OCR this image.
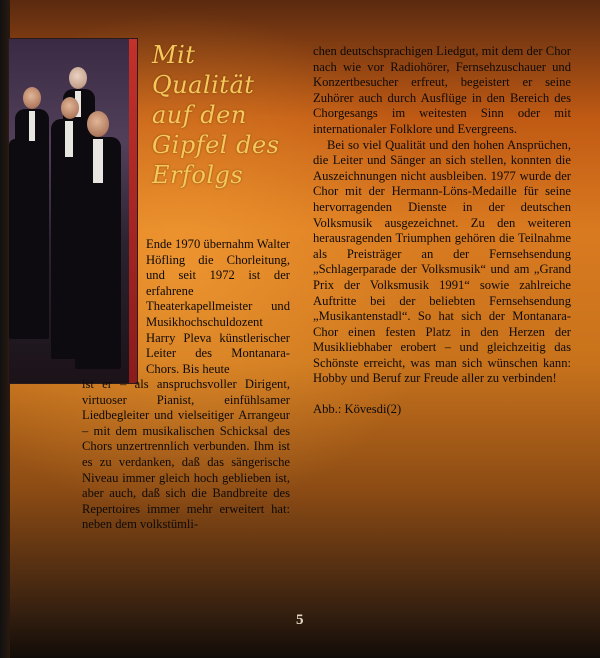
Mit
Qualität
auf den
Gipfel des
Erfolgs

Ende 1970 übernahm Walter Höfling die Chorleitung, und seit 1972 ist der erfahrene Theaterkapellmeister und Musikhochschuldozent Harry Pleva künstlerischer Leiter des Montanara-Chors. Bis heute

ist er – als anspruchsvoller Dirigent, virtuoser Pianist, einfühlsamer Liedbegleiter und vielseitiger Arrangeur – mit dem musikalischen Schicksal des Chors unzertrennlich verbunden. Ihm ist es zu verdanken, daß das sängerische Niveau immer gleich hoch geblieben ist, aber auch, daß sich die Bandbreite des Repertoires immer mehr erweitert hat: neben dem volkstümli-

chen deutschsprachigen Liedgut, mit dem der Chor nach wie vor Radiohörer, Fernsehzuschauer und Konzertbesucher erfreut, begeistert er seine Zuhörer auch durch Ausflüge in den Bereich des Chorgesangs im weitesten Sinn oder mit internationaler Folklore und Evergreens.

Bei so viel Qualität und den hohen Ansprüchen, die Leiter und Sänger an sich stellen, konnten die Auszeichnungen nicht ausbleiben. 1977 wurde der Chor mit der Hermann-Löns-Medaille für seine hervorragenden Dienste in der deutschen Volksmusik ausgezeichnet. Zu den weiteren herausragenden Triumphen gehören die Teilnahme als Preisträger an der Fernsehsendung „Schlagerparade der Volksmusik“ und am „Grand Prix der Volksmusik 1991“ sowie zahlreiche Auftritte bei der beliebten Fernsehsendung „Musikantenstadl“. So hat sich der Montanara-Chor einen festen Platz in den Herzen der Musikliebhaber erobert – und gleichzeitig das Schönste erreicht, was man sich wünschen kann: Hobby und Beruf zur Freude aller zu verbinden!

Abb.: Kövesdi(2)

5
